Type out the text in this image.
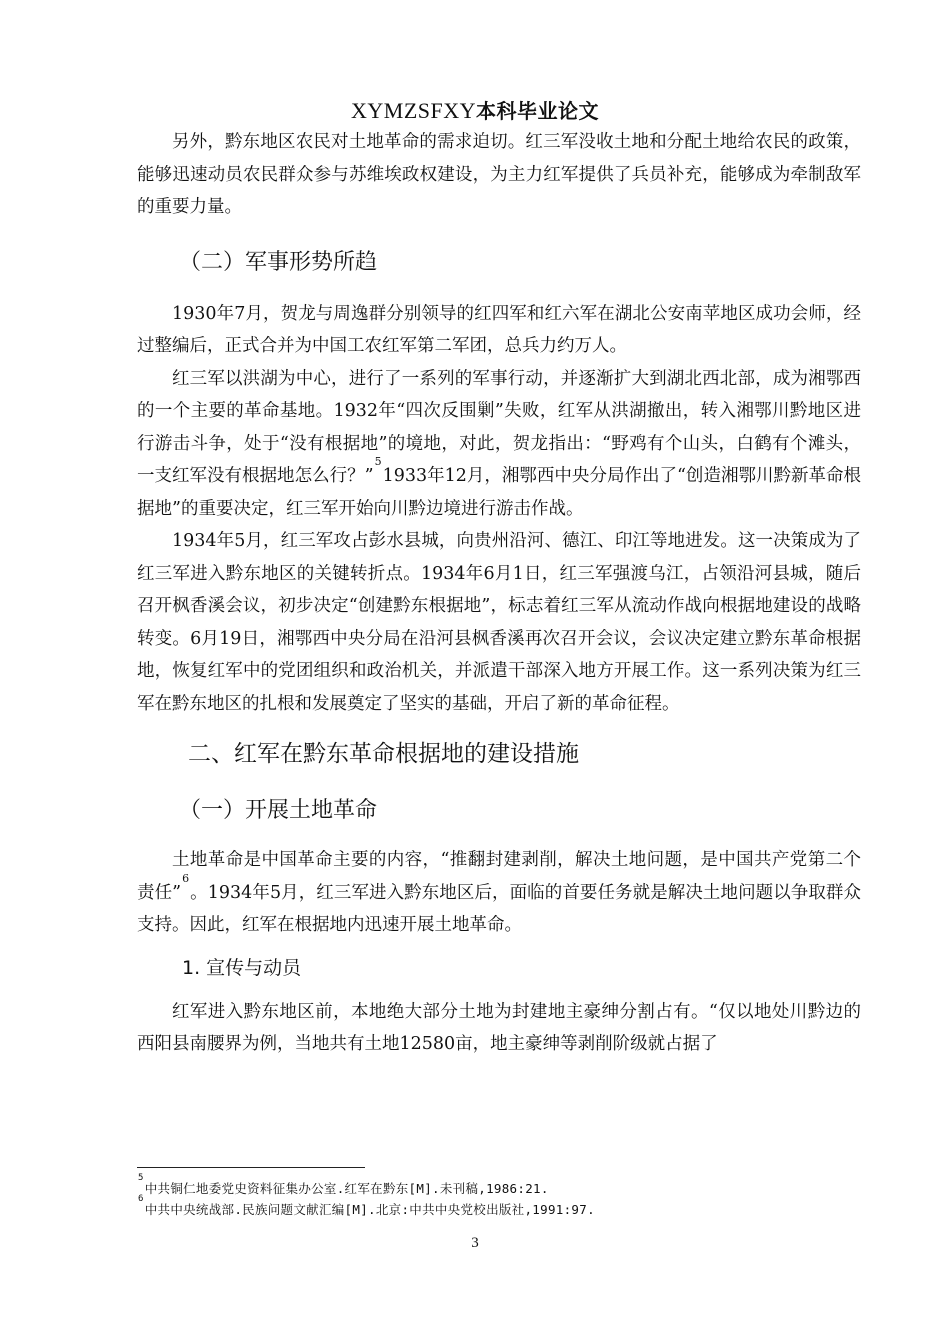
XYMZSFXY本科毕业论文

另外，黔东地区农民对土地革命的需求迫切。红三军没收土地和分配土地给农民的政策，能够迅速动员农民群众参与苏维埃政权建设，为主力红军提供了兵员补充，能够成为牵制敌军的重要力量。

（二）军事形势所趋

1930年7月，贺龙与周逸群分别领导的红四军和红六军在湖北公安南苹地区成功会师，经过整编后，正式合并为中国工农红军第二军团，总兵力约万人。

红三军以洪湖为中心，进行了一系列的军事行动，并逐渐扩大到湖北西北部，成为湘鄂西的一个主要的革命基地。1932年“四次反围剿”失败，红军从洪湖撤出，转入湘鄂川黔地区进行游击斗争，处于“没有根据地”的境地，对此，贺龙指出：“野鸡有个山头，白鹤有个滩头，一支红军没有根据地怎么行？”$^5$1933年12月，湘鄂西中央分局作出了“创造湘鄂川黔新革命根据地”的重要决定，红三军开始向川黔边境进行游击作战。

1934年5月，红三军攻占彭水县城，向贵州沿河、德江、印江等地进发。这一决策成为了红三军进入黔东地区的关键转折点。1934年6月1日，红三军强渡乌江，占领沿河县城，随后召开枫香溪会议，初步决定“创建黔东根据地”，标志着红三军从流动作战向根据地建设的战略转变。6月19日，湘鄂西中央分局在沿河县枫香溪再次召开会议，会议决定建立黔东革命根据地，恢复红军中的党团组织和政治机关，并派遣干部深入地方开展工作。这一系列决策为红三军在黔东地区的扎根和发展奠定了坚实的基础，开启了新的革命征程。

二、红军在黔东革命根据地的建设措施
（一）开展土地革命

土地革命是中国革命主要的内容，“推翻封建剥削，解决土地问题，是中国共产党第二个责任”$^6$。1934年5月，红三军进入黔东地区后，面临的首要任务就是解决土地问题以争取群众支持。因此，红军在根据地内迅速开展土地革命。

1. 宣传与动员

红军进入黔东地区前，本地绝大部分土地为封建地主豪绅分割占有。“仅以地处川黔边的西阳县南腰界为例，当地共有土地12580亩，地主豪绅等剥削阶级就占据了

$^5$中共铜仁地委党史资料征集办公室.红军在黔东[M].未刊稿,1986:21.
$^6$中共中央统战部.民族问题文献汇编[M].北京:中共中央党校出版社,1991:97.
3
